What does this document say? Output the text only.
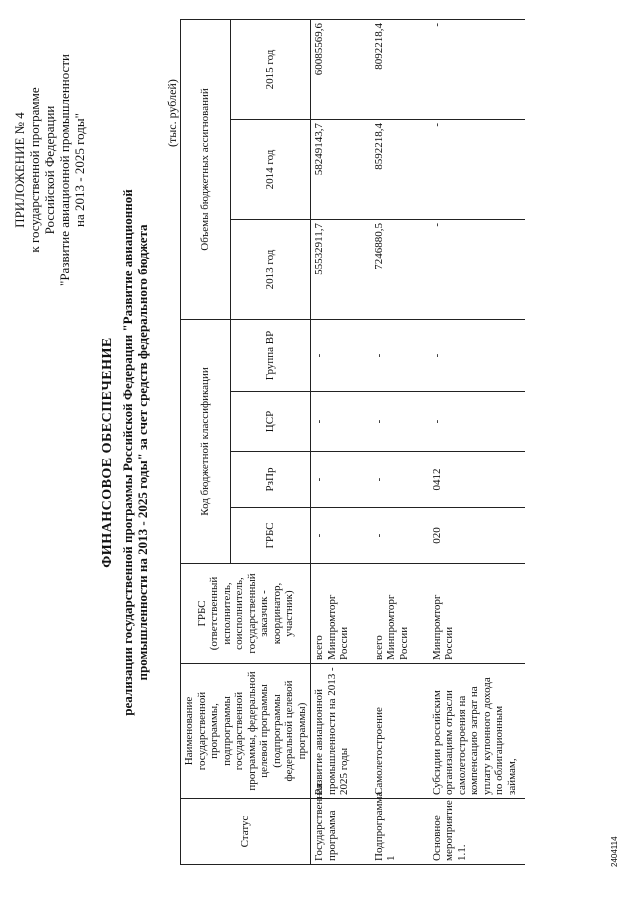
ПРИЛОЖЕНИЕ № 4 к государственной программе Российской Федерации "Развитие авиационной промышленности на 2013 - 2025 годы"
ФИНАНСОВОЕ ОБЕСПЕЧЕНИЕ реализации государственной программы Российской Федерации "Развитие авиационной промышленности на 2013 - 2025 годы" за счет средств федерального бюджета
(тыс. рублей)
Статус	Наименование государственной программы, подпрограммы государственной программы, федеральной целевой программы (подпрограммы федеральной целевой программы)	ГРБС (ответственный исполнитель, соисполнитель, государственный заказчик - координатор, участник)	Код бюджетной классификации				Объемы бюджетных ассигнований		
			ГРБС	РзПр	ЦСР	Группа ВР	2013 год	2014 год	2015 год
Государственная программа	Развитие авиационной промышленности на 2013 - 2025 годы	всего Минпромторг России	-	-	-	-	55532911,7	58249143,7	60085569,6
Подпрограмма 1	Самолетостроение	всего Минпромторг России	-	-	-	-	7246880,5	8592218,4	8092218,4
Основное мероприятие 1.1.	Субсидии российским организациям отрасли самолетостроения на компенсацию затрат на уплату купонного дохода по облигационным займам,	Минпромторг России	020	0412	-	-	-	-	-
2404114
